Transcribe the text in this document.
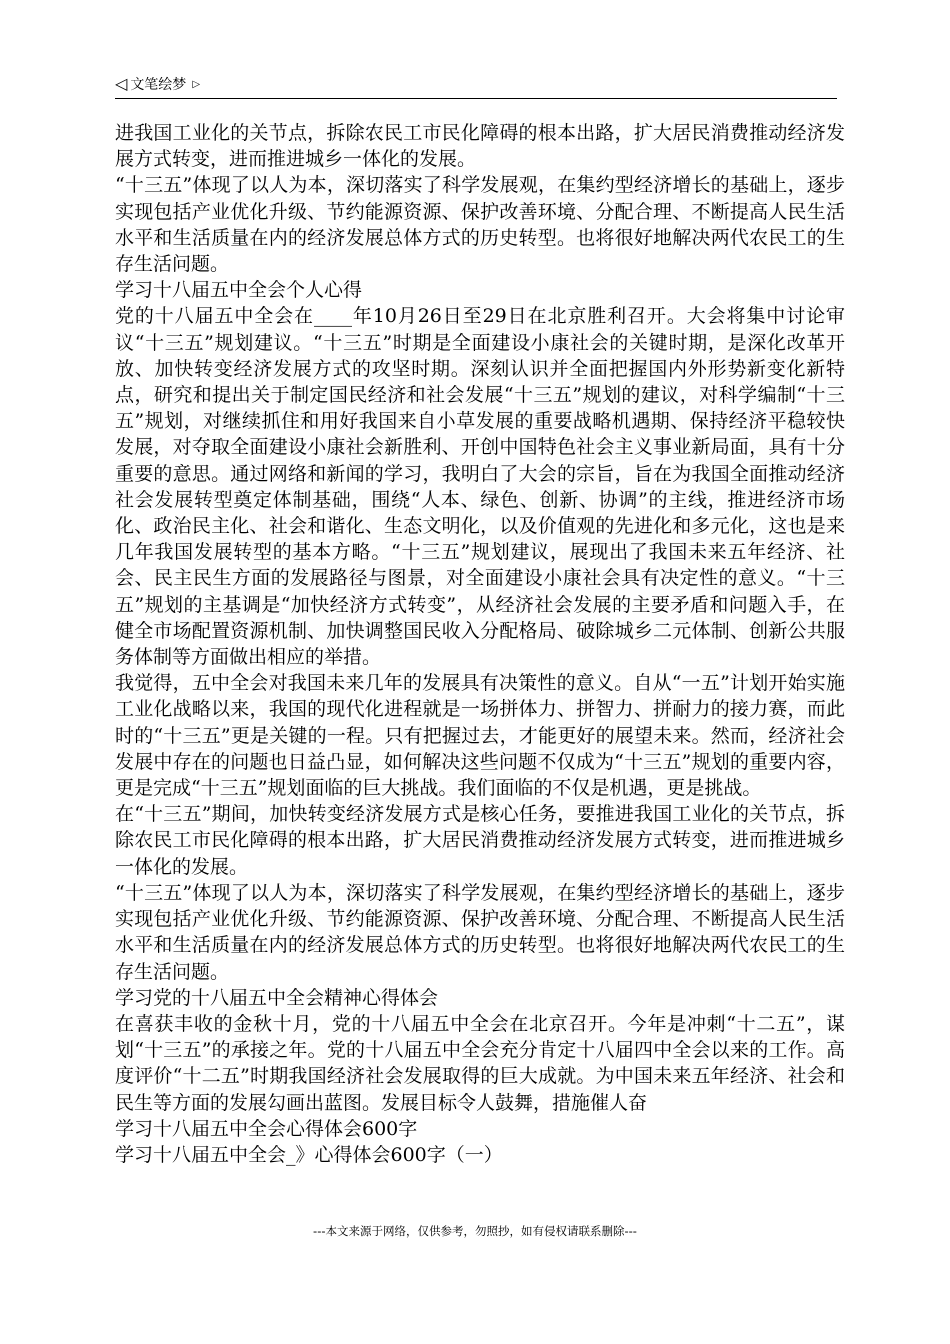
◁ 文笔绘梦 ▷

进我国工业化的关节点，拆除农民工市民化障碍的根本出路，扩大居民消费推动经济发展方式转变，进而推进城乡一体化的发展。

“十三五”体现了以人为本，深切落实了科学发展观，在集约型经济增长的基础上，逐步实现包括产业优化升级、节约能源资源、保护改善环境、分配合理、不断提高人民生活水平和生活质量在内的经济发展总体方式的历史转型。也将很好地解决两代农民工的生存生活问题。

学习十八届五中全会个人心得

党的十八届五中全会在____年10月26日至29日在北京胜利召开。大会将集中讨论审议“十三五”规划建议。“十三五”时期是全面建设小康社会的关键时期，是深化改革开放、加快转变经济发展方式的攻坚时期。深刻认识并全面把握国内外形势新变化新特点，研究和提出关于制定国民经济和社会发展“十三五”规划的建议，对科学编制“十三五”规划，对继续抓住和用好我国来自小草发展的重要战略机遇期、保持经济平稳较快发展，对夺取全面建设小康社会新胜利、开创中国特色社会主义事业新局面，具有十分重要的意思。通过网络和新闻的学习，我明白了大会的宗旨，旨在为我国全面推动经济社会发展转型奠定体制基础，围绕“人本、绿色、创新、协调”的主线，推进经济市场化、政治民主化、社会和谐化、生态文明化，以及价值观的先进化和多元化，这也是来几年我国发展转型的基本方略。“十三五”规划建议，展现出了我国未来五年经济、社会、民主民生方面的发展路径与图景，对全面建设小康社会具有决定性的意义。“十三五”规划的主基调是“加快经济方式转变”，从经济社会发展的主要矛盾和问题入手，在健全市场配置资源机制、加快调整国民收入分配格局、破除城乡二元体制、创新公共服务体制等方面做出相应的举措。

我觉得，五中全会对我国未来几年的发展具有决策性的意义。自从“一五”计划开始实施工业化战略以来，我国的现代化进程就是一场拼体力、拼智力、拼耐力的接力赛，而此时的“十三五”更是关键的一程。只有把握过去，才能更好的展望未来。然而，经济社会发展中存在的问题也日益凸显，如何解决这些问题不仅成为“十三五”规划的重要内容，更是完成“十三五”规划面临的巨大挑战。我们面临的不仅是机遇，更是挑战。

在“十三五”期间，加快转变经济发展方式是核心任务，要推进我国工业化的关节点，拆除农民工市民化障碍的根本出路，扩大居民消费推动经济发展方式转变，进而推进城乡一体化的发展。

“十三五”体现了以人为本，深切落实了科学发展观，在集约型经济增长的基础上，逐步实现包括产业优化升级、节约能源资源、保护改善环境、分配合理、不断提高人民生活水平和生活质量在内的经济发展总体方式的历史转型。也将很好地解决两代农民工的生存生活问题。

学习党的十八届五中全会精神心得体会

在喜获丰收的金秋十月，党的十八届五中全会在北京召开。今年是冲刺“十二五”，谋划“十三五”的承接之年。党的十八届五中全会充分肯定十八届四中全会以来的工作。高度评价“十二五”时期我国经济社会发展取得的巨大成就。为中国未来五年经济、社会和民生等方面的发展勾画出蓝图。发展目标令人鼓舞，措施催人奋

学习十八届五中全会心得体会600字

学习十八届五中全会_》心得体会600字（一）

---本文来源于网络，仅供参考，勿照抄，如有侵权请联系删除---
